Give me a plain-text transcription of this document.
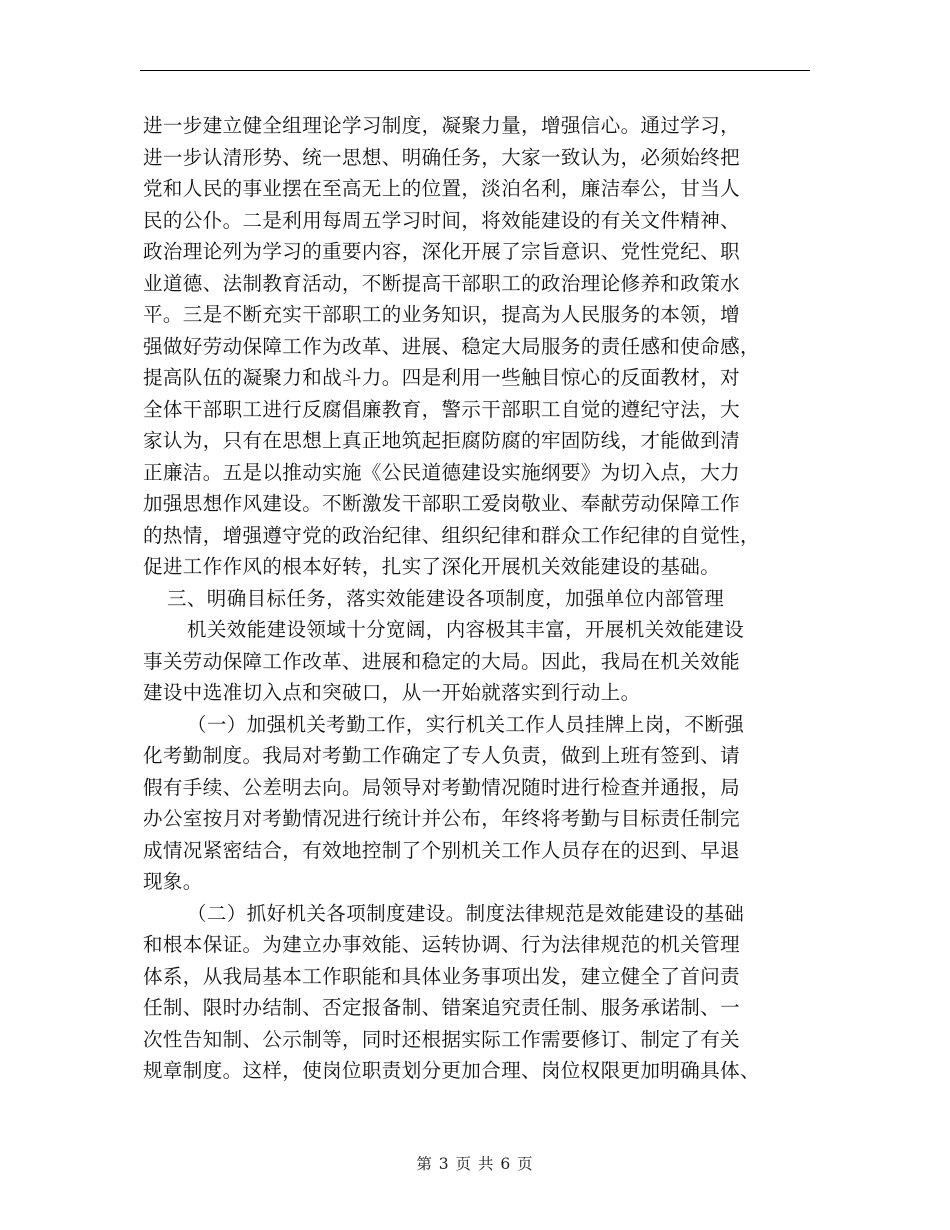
进一步建立健全组理论学习制度，凝聚力量，增强信心。通过学习，
进一步认清形势、统一思想、明确任务，大家一致认为，必须始终把
党和人民的事业摆在至高无上的位置，淡泊名利，廉洁奉公，甘当人
民的公仆。二是利用每周五学习时间，将效能建设的有关文件精神、
政治理论列为学习的重要内容，深化开展了宗旨意识、党性党纪、职
业道德、法制教育活动，不断提高干部职工的政治理论修养和政策水
平。三是不断充实干部职工的业务知识，提高为人民服务的本领，增
强做好劳动保障工作为改革、进展、稳定大局服务的责任感和使命感，
提高队伍的凝聚力和战斗力。四是利用一些触目惊心的反面教材，对
全体干部职工进行反腐倡廉教育，警示干部职工自觉的遵纪守法，大
家认为，只有在思想上真正地筑起拒腐防腐的牢固防线，才能做到清
正廉洁。五是以推动实施《公民道德建设实施纲要》为切入点，大力
加强思想作风建设。不断激发干部职工爱岗敬业、奉献劳动保障工作
的热情，增强遵守党的政治纪律、组织纪律和群众工作纪律的自觉性，
促进工作作风的根本好转，扎实了深化开展机关效能建设的基础。
三、明确目标任务，落实效能建设各项制度，加强单位内部管理
机关效能建设领域十分宽阔，内容极其丰富，开展机关效能建设
事关劳动保障工作改革、进展和稳定的大局。因此，我局在机关效能
建设中选准切入点和突破口，从一开始就落实到行动上。
（一）加强机关考勤工作，实行机关工作人员挂牌上岗，不断强
化考勤制度。我局对考勤工作确定了专人负责，做到上班有签到、请
假有手续、公差明去向。局领导对考勤情况随时进行检查并通报，局
办公室按月对考勤情况进行统计并公布，年终将考勤与目标责任制完
成情况紧密结合，有效地控制了个别机关工作人员存在的迟到、早退
现象。
（二）抓好机关各项制度建设。制度法律规范是效能建设的基础
和根本保证。为建立办事效能、运转协调、行为法律规范的机关管理
体系，从我局基本工作职能和具体业务事项出发，建立健全了首问责
任制、限时办结制、否定报备制、错案追究责任制、服务承诺制、一
次性告知制、公示制等，同时还根据实际工作需要修订、制定了有关
规章制度。这样，使岗位职责划分更加合理、岗位权限更加明确具体、
第 3 页 共 6 页
